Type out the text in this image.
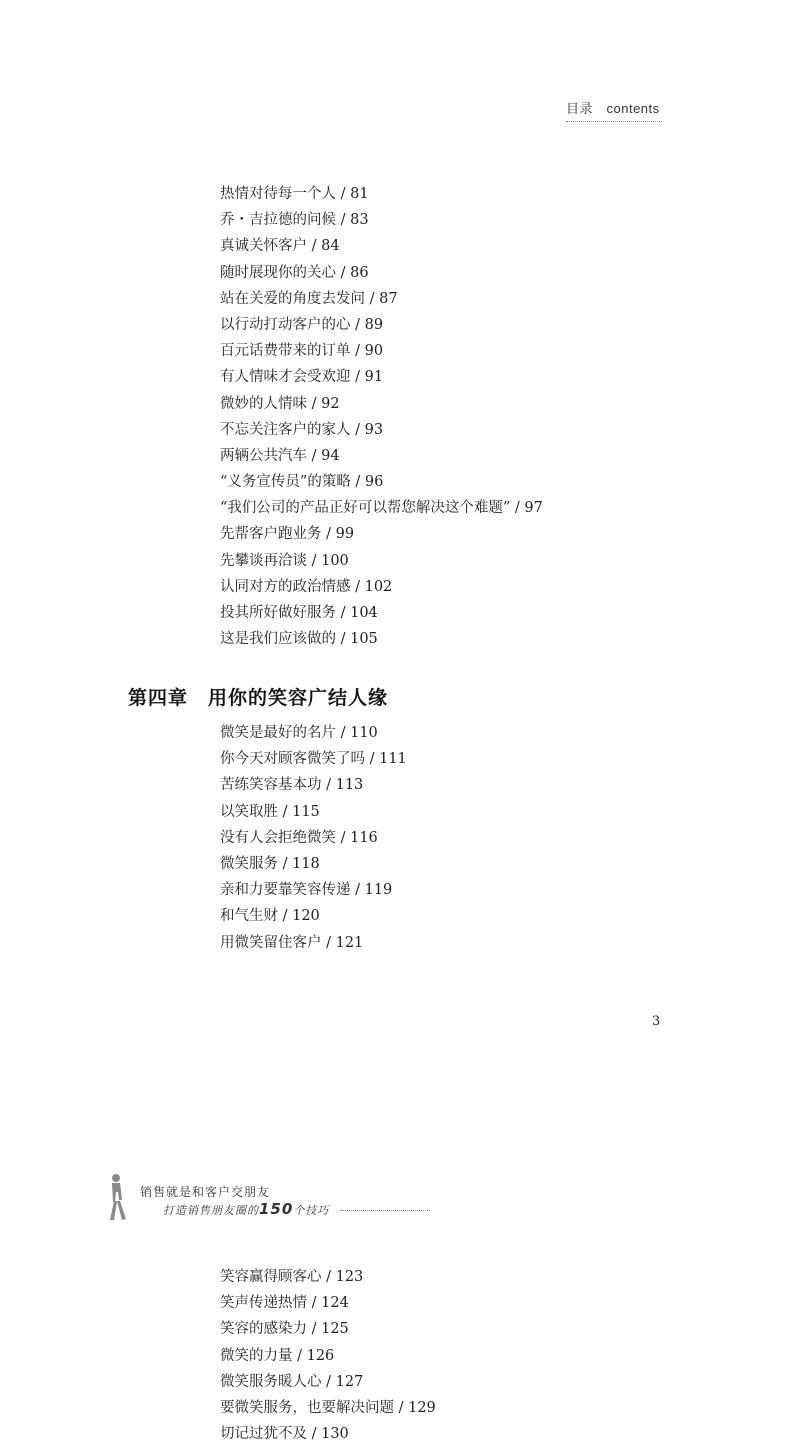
目录　contents
热情对待每一个人 / 81
乔・吉拉德的问候 / 83
真诚关怀客户 / 84
随时展现你的关心 / 86
站在关爱的角度去发问 / 87
以行动打动客户的心 / 89
百元话费带来的订单 / 90
有人情味才会受欢迎 / 91
微妙的人情味 / 92
不忘关注客户的家人 / 93
两辆公共汽车 / 94
“义务宣传员”的策略 / 96
“我们公司的产品正好可以帮您解决这个难题” / 97
先帮客户跑业务 / 99
先攀谈再洽谈 / 100
认同对方的政治情感 / 102
投其所好做好服务 / 104
这是我们应该做的 / 105
第四章 用你的笑容广结人缘
微笑是最好的名片 / 110
你今天对顾客微笑了吗 / 111
苦练笑容基本功 / 113
以笑取胜 / 115
没有人会拒绝微笑 / 116
微笑服务 / 118
亲和力要靠笑容传递 / 119
和气生财 / 120
用微笑留住客户 / 121
3
销售就是和客户交朋友
打造销售朋友圈的150个技巧
笑容赢得顾客心 / 123
笑声传递热情 / 124
笑容的感染力 / 125
微笑的力量 / 126
微笑服务暖人心 / 127
要微笑服务，也要解决问题 / 129
切记过犹不及 / 130
